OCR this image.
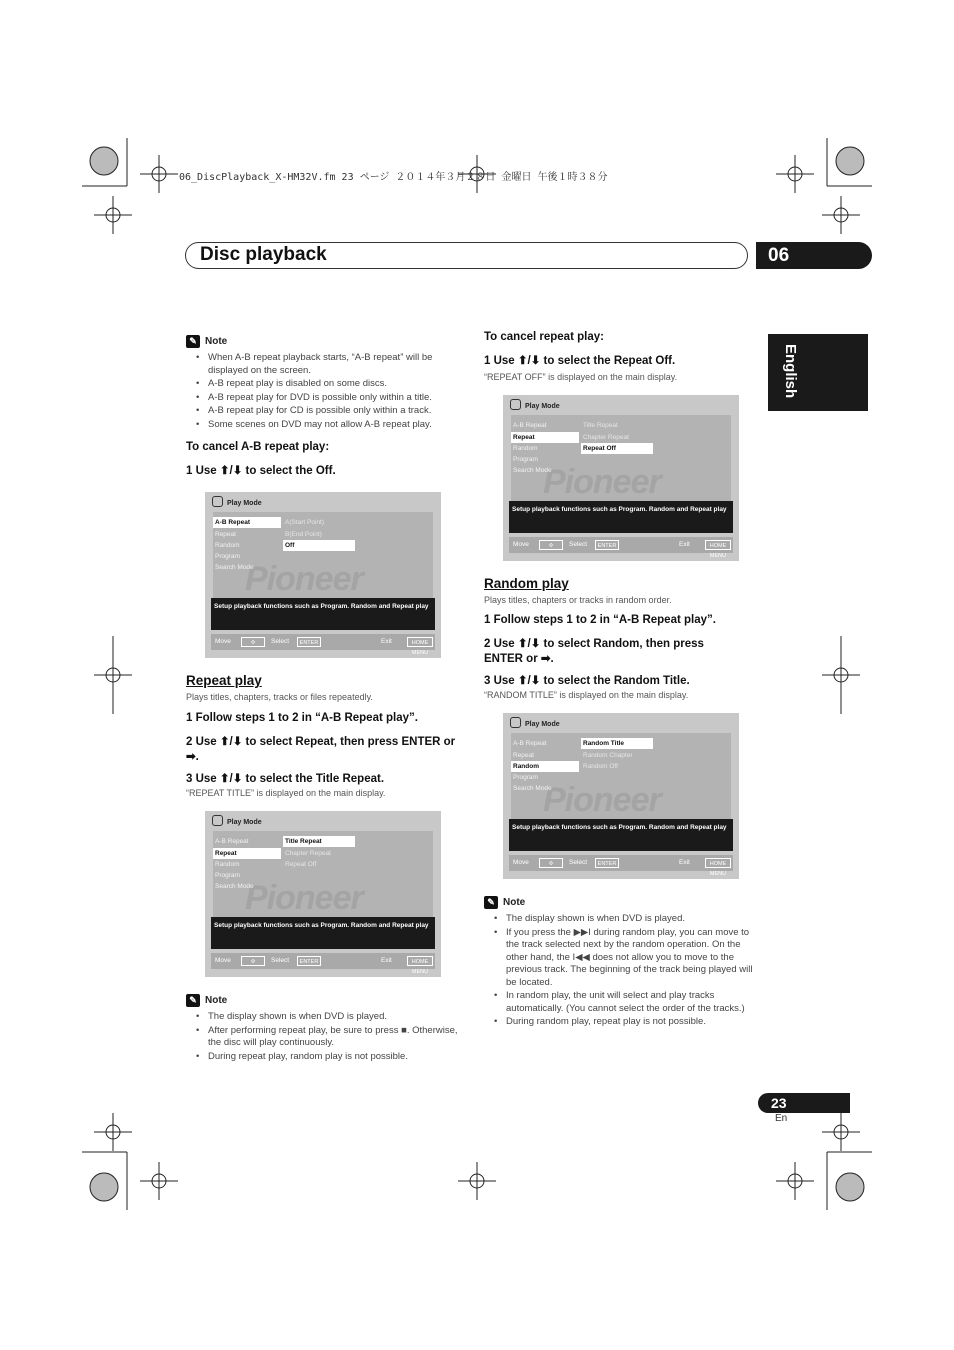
06_DiscPlayback_X-HM32V.fm 23 ページ ２０１４年３月２８日 金曜日 午後１時３８分
Disc playback	06
English
✎ Note
• When A-B repeat playback starts, “A-B repeat” will be displayed on the screen.
• A-B repeat play is disabled on some discs.
• A-B repeat play for DVD is possible only within a title.
• A-B repeat play for CD is possible only within a track.
• Some scenes on DVD may not allow A-B repeat play.
To cancel A-B repeat play:
1 Use ⬆/⬇ to select the Off.
Play Mode
Pioneer
A-B Repeat
Repeat
Random
Program
Search Mode
A(Start Point)
B(End Point)
Off
Setup playback functions such as Program. Random and Repeat play
Move	✣	Select	ENTER	Exit	HOME MENU
Repeat play
Plays titles, chapters, tracks or files repeatedly.
1 Follow steps 1 to 2 in “A-B Repeat play”.
2 Use ⬆/⬇ to select Repeat, then press ENTER or ➡.
3 Use ⬆/⬇ to select the Title Repeat.
“REPEAT TITLE” is displayed on the main display.
Play Mode
Pioneer
A-B Repeat
Repeat
Random
Program
Search Mode
Title Repeat
Chapter Repeat
Repeat Off
Setup playback functions such as Program. Random and Repeat play
Move	✣	Select	ENTER	Exit	HOME MENU
✎ Note
• The display shown is when DVD is played.
• After performing repeat play, be sure to press ■. Otherwise, the disc will play continuously.
• During repeat play, random play is not possible.
To cancel repeat play:
1 Use ⬆/⬇ to select the Repeat Off.
“REPEAT OFF” is displayed on the main display.
Play Mode
Pioneer
A-B Repeat
Repeat
Random
Program
Search Mode
Title Repeat
Chapter Repeat
Repeat Off
Setup playback functions such as Program. Random and Repeat play
Move	✣	Select	ENTER	Exit	HOME MENU
Random play
Plays titles, chapters or tracks in random order.
1 Follow steps 1 to 2 in “A-B Repeat play”.
2 Use ⬆/⬇ to select Random, then press ENTER or ➡.
3 Use ⬆/⬇ to select the Random Title.
“RANDOM TITLE” is displayed on the main display.
Play Mode
Pioneer
A-B Repeat
Repeat
Random
Program
Search Mode
Random Title
Random Chapter
Random Off
Setup playback functions such as Program. Random and Repeat play
Move	✣	Select	ENTER	Exit	HOME MENU
✎ Note
• The display shown is when DVD is played.
• If you press the ▶▶I during random play, you can move to the track selected next by the random operation. On the other hand, the I◀◀ does not allow you to move to the previous track. The beginning of the track being played will be located.
• In random play, the unit will select and play tracks automatically. (You cannot select the order of the tracks.)
• During random play, repeat play is not possible.
23
En
